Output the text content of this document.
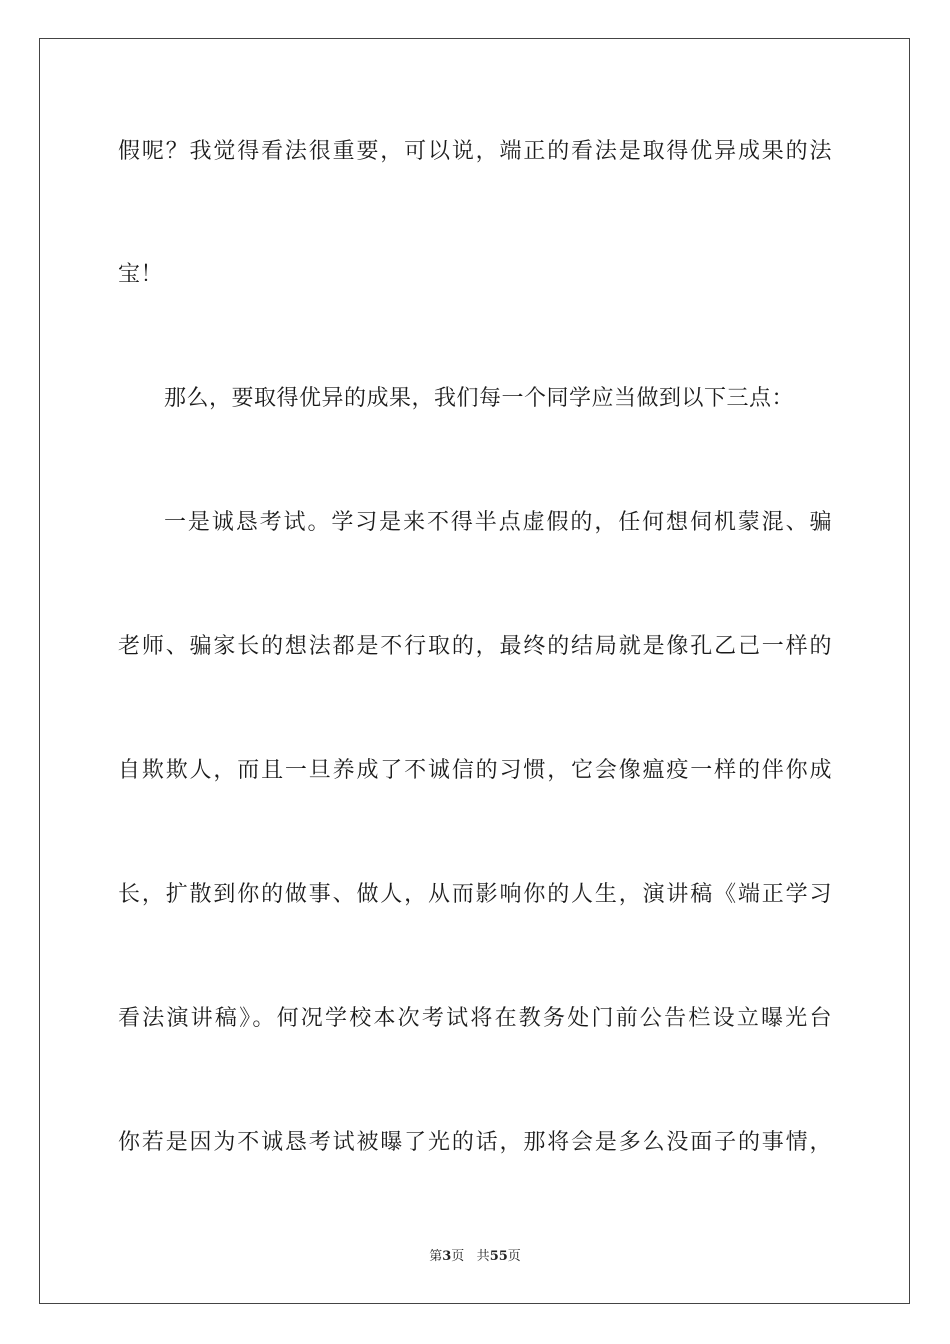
假呢？我觉得看法很重要，可以说，端正的看法是取得优异成果的法
宝！
那么，要取得优异的成果，我们每一个同学应当做到以下三点：
一是诚恳考试。学习是来不得半点虚假的，任何想伺机蒙混、骗
老师、骗家长的想法都是不行取的，最终的结局就是像孔乙己一样的
自欺欺人，而且一旦养成了不诚信的习惯，它会像瘟疫一样的伴你成
长，扩散到你的做事、做人，从而影响你的人生，演讲稿《端正学习
看法演讲稿》。何况学校本次考试将在教务处门前公告栏设立曝光台
你若是因为不诚恳考试被曝了光的话，那将会是多么没面子的事情，
第3页 共55页
